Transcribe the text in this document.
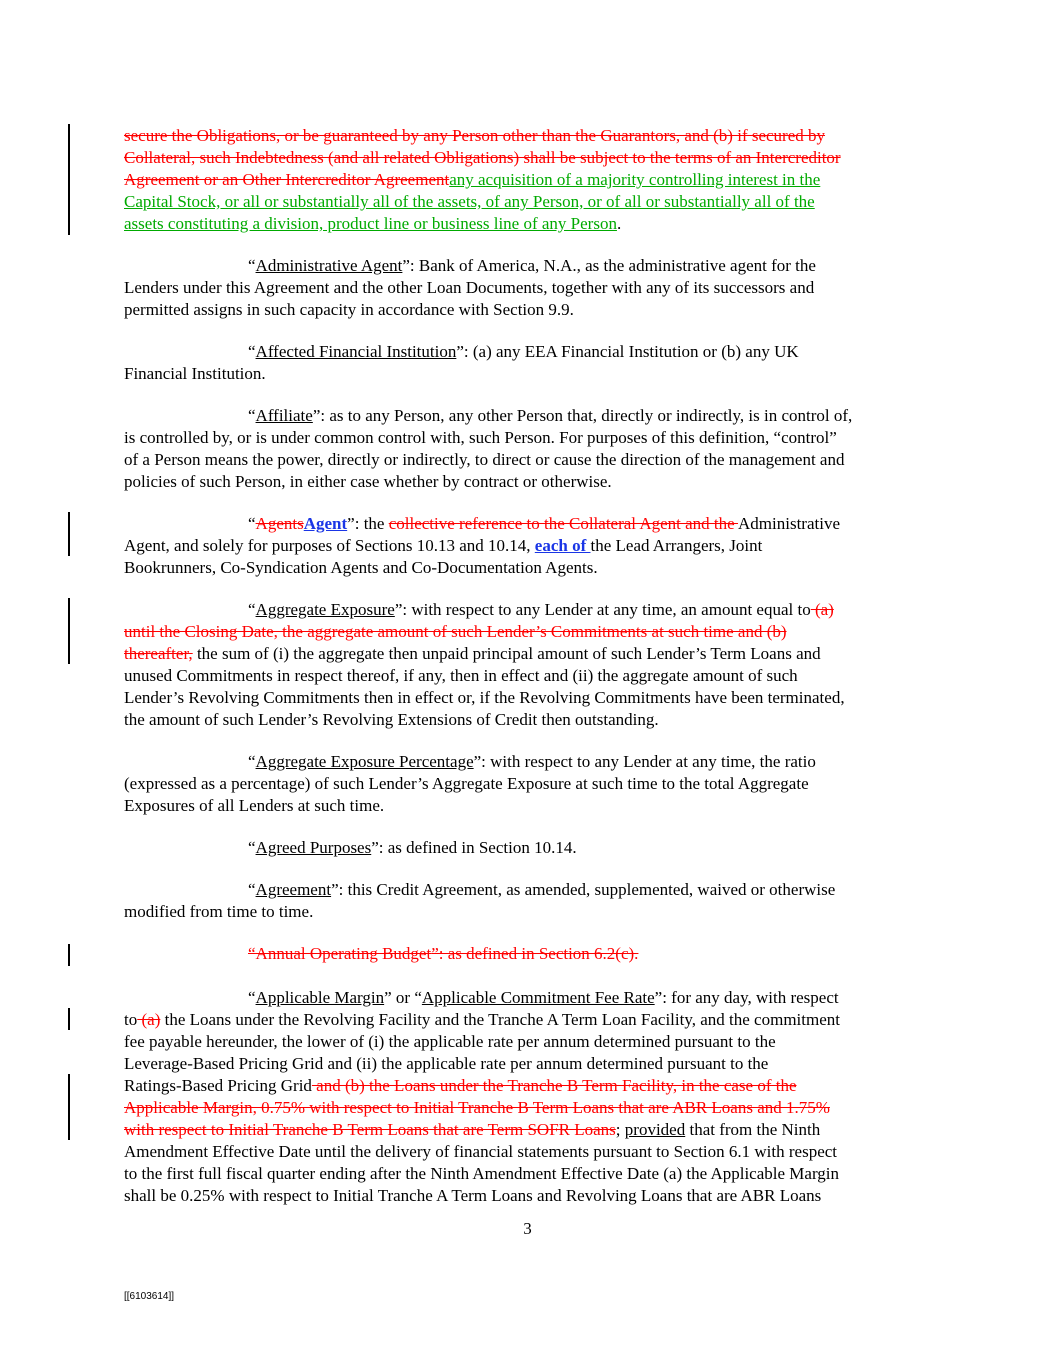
secure the Obligations, or be guaranteed by any Person other than the Guarantors, and (b) if secured by
Collateral, such Indebtedness (and all related Obligations) shall be subject to the terms of an Intercreditor
Agreement or an Other Intercreditor Agreementany acquisition of a majority controlling interest in the
Capital Stock, or all or substantially all of the assets, of any Person, or of all or substantially all of the
assets constituting a division, product line or business line of any Person.
“Administrative Agent”: Bank of America, N.A., as the administrative agent for the
Lenders under this Agreement and the other Loan Documents, together with any of its successors and
permitted assigns in such capacity in accordance with Section 9.9.
“Affected Financial Institution”: (a) any EEA Financial Institution or (b) any UK
Financial Institution.
“Affiliate”: as to any Person, any other Person that, directly or indirectly, is in control of,
is controlled by, or is under common control with, such Person. For purposes of this definition, “control”
of a Person means the power, directly or indirectly, to direct or cause the direction of the management and
policies of such Person, in either case whether by contract or otherwise.
“AgentsAgent”: the collective reference to the Collateral Agent and the Administrative
Agent, and solely for purposes of Sections 10.13 and 10.14, each of the Lead Arrangers, Joint
Bookrunners, Co-Syndication Agents and Co-Documentation Agents.
“Aggregate Exposure”: with respect to any Lender at any time, an amount equal to (a)
until the Closing Date, the aggregate amount of such Lender’s Commitments at such time and (b)
thereafter, the sum of (i) the aggregate then unpaid principal amount of such Lender’s Term Loans and
unused Commitments in respect thereof, if any, then in effect and (ii) the aggregate amount of such
Lender’s Revolving Commitments then in effect or, if the Revolving Commitments have been terminated,
the amount of such Lender’s Revolving Extensions of Credit then outstanding.
“Aggregate Exposure Percentage”: with respect to any Lender at any time, the ratio
(expressed as a percentage) of such Lender’s Aggregate Exposure at such time to the total Aggregate
Exposures of all Lenders at such time.
“Agreed Purposes”: as defined in Section 10.14.
“Agreement”: this Credit Agreement, as amended, supplemented, waived or otherwise
modified from time to time.
“Annual Operating Budget”: as defined in Section 6.2(c).
“Applicable Margin” or “Applicable Commitment Fee Rate”: for any day, with respect
to (a) the Loans under the Revolving Facility and the Tranche A Term Loan Facility, and the commitment
fee payable hereunder, the lower of (i) the applicable rate per annum determined pursuant to the
Leverage-Based Pricing Grid and (ii) the applicable rate per annum determined pursuant to the
Ratings-Based Pricing Grid and (b) the Loans under the Tranche B Term Facility, in the case of the
Applicable Margin, 0.75% with respect to Initial Tranche B Term Loans that are ABR Loans and 1.75%
with respect to Initial Tranche B Term Loans that are Term SOFR Loans; provided that from the Ninth
Amendment Effective Date until the delivery of financial statements pursuant to Section 6.1 with respect
to the first full fiscal quarter ending after the Ninth Amendment Effective Date (a) the Applicable Margin
shall be 0.25% with respect to Initial Tranche A Term Loans and Revolving Loans that are ABR Loans
3
[[6103614]]
